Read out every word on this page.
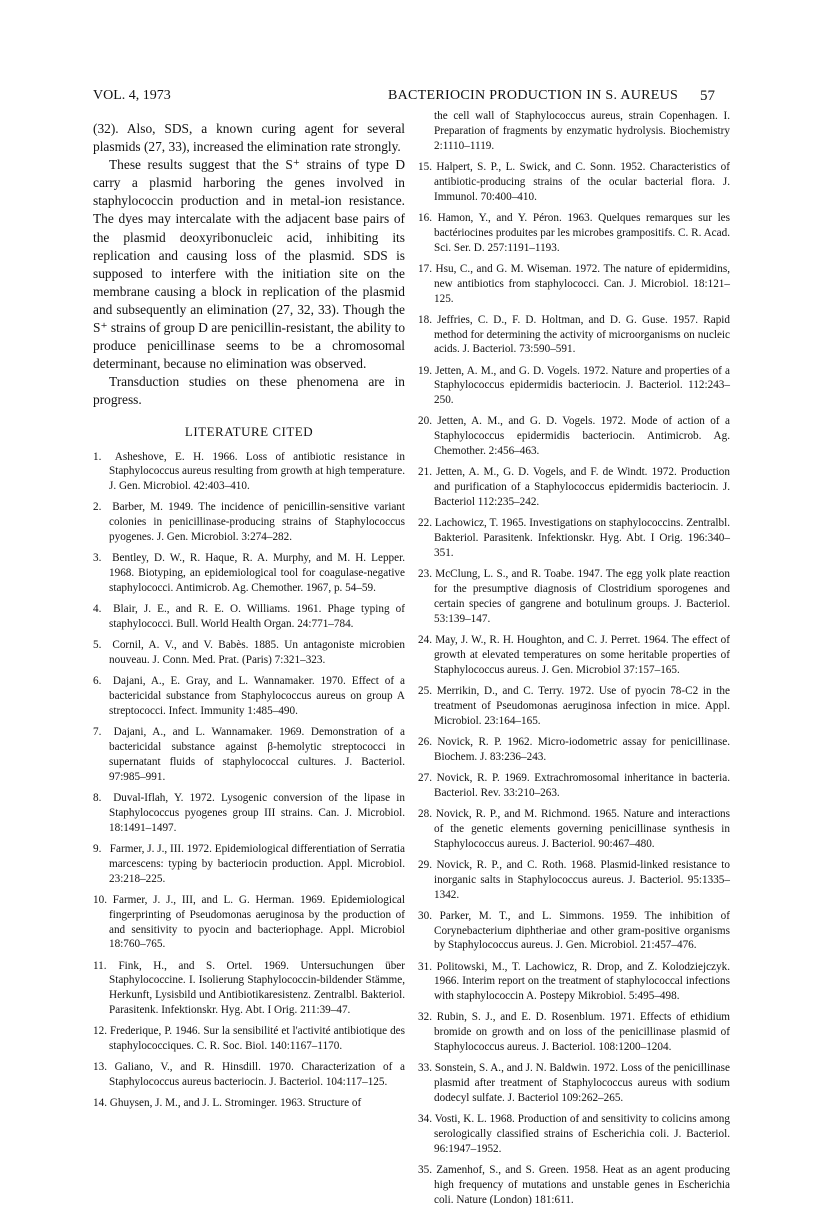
VOL. 4, 1973	BACTERIOCIN PRODUCTION IN S. AUREUS 57

(32). Also, SDS, a known curing agent for several plasmids (27, 33), increased the elimination rate strongly.

These results suggest that the S⁺ strains of type D carry a plasmid harboring the genes involved in staphylococcin production and in metal-ion resistance. The dyes may intercalate with the adjacent base pairs of the plasmid deoxyribonucleic acid, inhibiting its replication and causing loss of the plasmid. SDS is supposed to interfere with the initiation site on the membrane causing a block in replication of the plasmid and subsequently an elimination (27, 32, 33). Though the S⁺ strains of group D are penicillin-resistant, the ability to produce penicillinase seems to be a chromosomal determinant, because no elimination was observed.

Transduction studies on these phenomena are in progress.

LITERATURE CITED

1. Asheshove, E. H. 1966. Loss of antibiotic resistance in Staphylococcus aureus resulting from growth at high temperature. J. Gen. Microbiol. 42:403–410.

2. Barber, M. 1949. The incidence of penicillin-sensitive variant colonies in penicillinase-producing strains of Staphylococcus pyogenes. J. Gen. Microbiol. 3:274–282.

3. Bentley, D. W., R. Haque, R. A. Murphy, and M. H. Lepper. 1968. Biotyping, an epidemiological tool for coagulase-negative staphylococci. Antimicrob. Ag. Chemother. 1967, p. 54–59.

4. Blair, J. E., and R. E. O. Williams. 1961. Phage typing of staphylococci. Bull. World Health Organ. 24:771–784.

5. Cornil, A. V., and V. Babès. 1885. Un antagoniste microbien nouveau. J. Conn. Med. Prat. (Paris) 7:321–323.

6. Dajani, A., E. Gray, and L. Wannamaker. 1970. Effect of a bactericidal substance from Staphylococcus aureus on group A streptococci. Infect. Immunity 1:485–490.

7. Dajani, A., and L. Wannamaker. 1969. Demonstration of a bactericidal substance against β-hemolytic streptococci in supernatant fluids of staphylococcal cultures. J. Bacteriol. 97:985–991.

8. Duval-Iflah, Y. 1972. Lysogenic conversion of the lipase in Staphylococcus pyogenes group III strains. Can. J. Microbiol. 18:1491–1497.

9. Farmer, J. J., III. 1972. Epidemiological differentiation of Serratia marcescens: typing by bacteriocin production. Appl. Microbiol. 23:218–225.

10. Farmer, J. J., III, and L. G. Herman. 1969. Epidemiological fingerprinting of Pseudomonas aeruginosa by the production of and sensitivity to pyocin and bacteriophage. Appl. Microbiol 18:760–765.

11. Fink, H., and S. Ortel. 1969. Untersuchungen über Staphylococcine. I. Isolierung Staphylococcin-bildender Stämme, Herkunft, Lysisbild und Antibiotikaresistenz. Zentralbl. Bakteriol. Parasitenk. Infektionskr. Hyg. Abt. I Orig. 211:39–47.

12. Frederique, P. 1946. Sur la sensibilité et l'activité antibiotique des staphylococciques. C. R. Soc. Biol. 140:1167–1170.

13. Galiano, V., and R. Hinsdill. 1970. Characterization of a Staphylococcus aureus bacteriocin. J. Bacteriol. 104:117–125.

14. Ghuysen, J. M., and J. L. Strominger. 1963. Structure of

the cell wall of Staphylococcus aureus, strain Copenhagen. I. Preparation of fragments by enzymatic hydrolysis. Biochemistry 2:1110–1119.

15. Halpert, S. P., L. Swick, and C. Sonn. 1952. Characteristics of antibiotic-producing strains of the ocular bacterial flora. J. Immunol. 70:400–410.

16. Hamon, Y., and Y. Péron. 1963. Quelques remarques sur les bactériocines produites par les microbes grampositifs. C. R. Acad. Sci. Ser. D. 257:1191–1193.

17. Hsu, C., and G. M. Wiseman. 1972. The nature of epidermidins, new antibiotics from staphylococci. Can. J. Microbiol. 18:121–125.

18. Jeffries, C. D., F. D. Holtman, and D. G. Guse. 1957. Rapid method for determining the activity of microorganisms on nucleic acids. J. Bacteriol. 73:590–591.

19. Jetten, A. M., and G. D. Vogels. 1972. Nature and properties of a Staphylococcus epidermidis bacteriocin. J. Bacteriol. 112:243–250.

20. Jetten, A. M., and G. D. Vogels. 1972. Mode of action of a Staphylococcus epidermidis bacteriocin. Antimicrob. Ag. Chemother. 2:456–463.

21. Jetten, A. M., G. D. Vogels, and F. de Windt. 1972. Production and purification of a Staphylococcus epidermidis bacteriocin. J. Bacteriol 112:235–242.

22. Lachowicz, T. 1965. Investigations on staphylococcins. Zentralbl. Bakteriol. Parasitenk. Infektionskr. Hyg. Abt. I Orig. 196:340–351.

23. McClung, L. S., and R. Toabe. 1947. The egg yolk plate reaction for the presumptive diagnosis of Clostridium sporogenes and certain species of gangrene and botulinum groups. J. Bacteriol. 53:139–147.

24. May, J. W., R. H. Houghton, and C. J. Perret. 1964. The effect of growth at elevated temperatures on some heritable properties of Staphylococcus aureus. J. Gen. Microbiol 37:157–165.

25. Merrikin, D., and C. Terry. 1972. Use of pyocin 78-C2 in the treatment of Pseudomonas aeruginosa infection in mice. Appl. Microbiol. 23:164–165.

26. Novick, R. P. 1962. Micro-iodometric assay for penicillinase. Biochem. J. 83:236–243.

27. Novick, R. P. 1969. Extrachromosomal inheritance in bacteria. Bacteriol. Rev. 33:210–263.

28. Novick, R. P., and M. Richmond. 1965. Nature and interactions of the genetic elements governing penicillinase synthesis in Staphylococcus aureus. J. Bacteriol. 90:467–480.

29. Novick, R. P., and C. Roth. 1968. Plasmid-linked resistance to inorganic salts in Staphylococcus aureus. J. Bacteriol. 95:1335–1342.

30. Parker, M. T., and L. Simmons. 1959. The inhibition of Corynebacterium diphtheriae and other gram-positive organisms by Staphylococcus aureus. J. Gen. Microbiol. 21:457–476.

31. Politowski, M., T. Lachowicz, R. Drop, and Z. Kolodziejczyk. 1966. Interim report on the treatment of staphylococcal infections with staphylococcin A. Postepy Mikrobiol. 5:495–498.

32. Rubin, S. J., and E. D. Rosenblum. 1971. Effects of ethidium bromide on growth and on loss of the penicillinase plasmid of Staphylococcus aureus. J. Bacteriol. 108:1200–1204.

33. Sonstein, S. A., and J. N. Baldwin. 1972. Loss of the penicillinase plasmid after treatment of Staphylococcus aureus with sodium dodecyl sulfate. J. Bacteriol 109:262–265.

34. Vosti, K. L. 1968. Production of and sensitivity to colicins among serologically classified strains of Escherichia coli. J. Bacteriol. 96:1947–1952.

35. Zamenhof, S., and S. Green. 1958. Heat as an agent producing high frequency of mutations and unstable genes in Escherichia coli. Nature (London) 181:611.
